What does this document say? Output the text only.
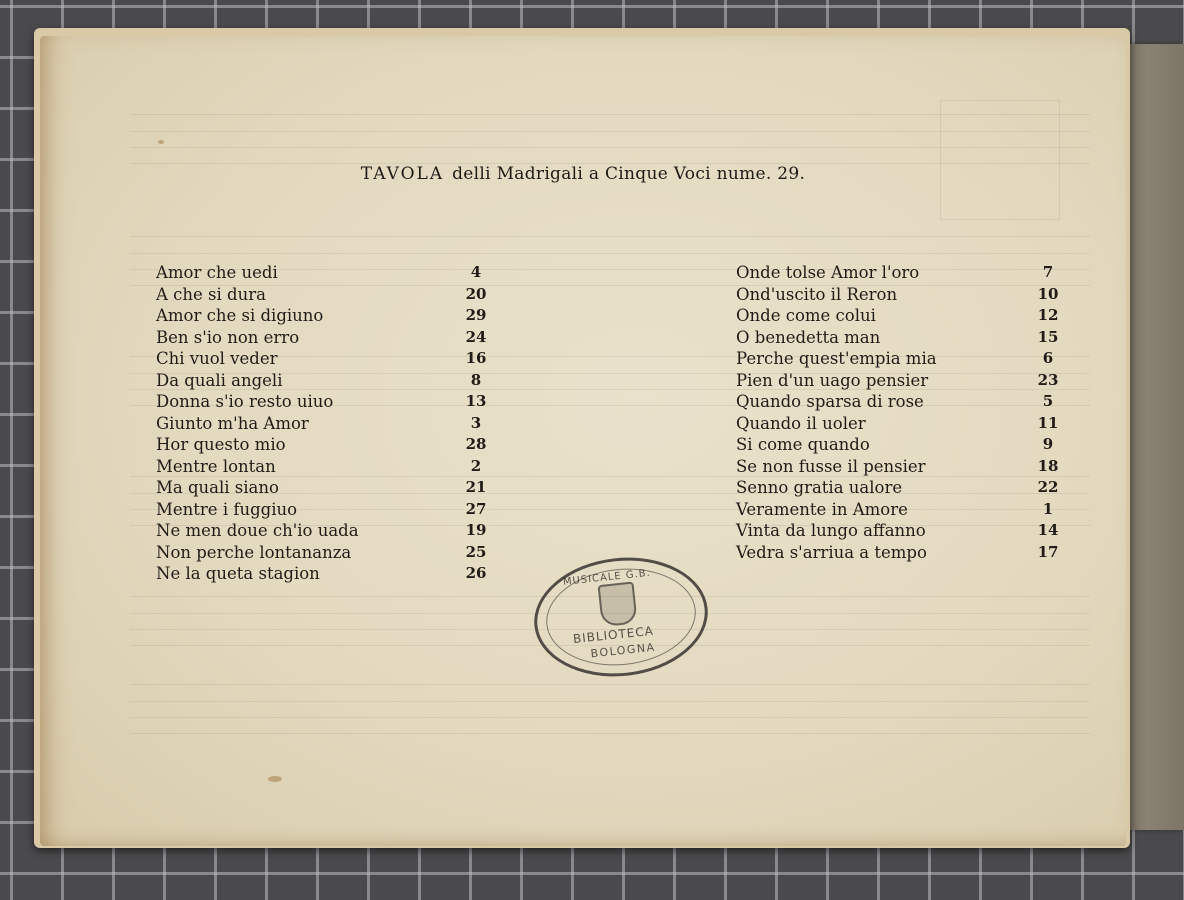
TAVOLA delli Madrigali a Cinque Voci nume. 29.
Amor che uedi	4
A che si dura	20
Amor che si digiuno	29
Ben s'io non erro	24
Chi vuol veder	16
Da quali angeli	8
Donna s'io resto uiuo	13
Giunto m'ha Amor	3
Hor questo mio	28
Mentre lontan	2
Ma quali siano	21
Mentre i fuggiuo	27
Ne men doue ch'io uada	19
Non perche lontananza	25
Ne la queta stagion	26
Onde tolse Amor l'oro	7
Ond'uscito il Reron	10
Onde come colui	12
O benedetta man	15
Perche quest'empia mia	6
Pien d'un uago pensier	23
Quando sparsa di rose	5
Quando il uoler	11
Si come quando	9
Se non fusse il pensier	18
Senno gratia ualore	22
Veramente in Amore	1
Vinta da lungo affanno	14
Vedra s'arriua a tempo	17
MUSICALE G.B.
BIBLIOTECA
BOLOGNA
